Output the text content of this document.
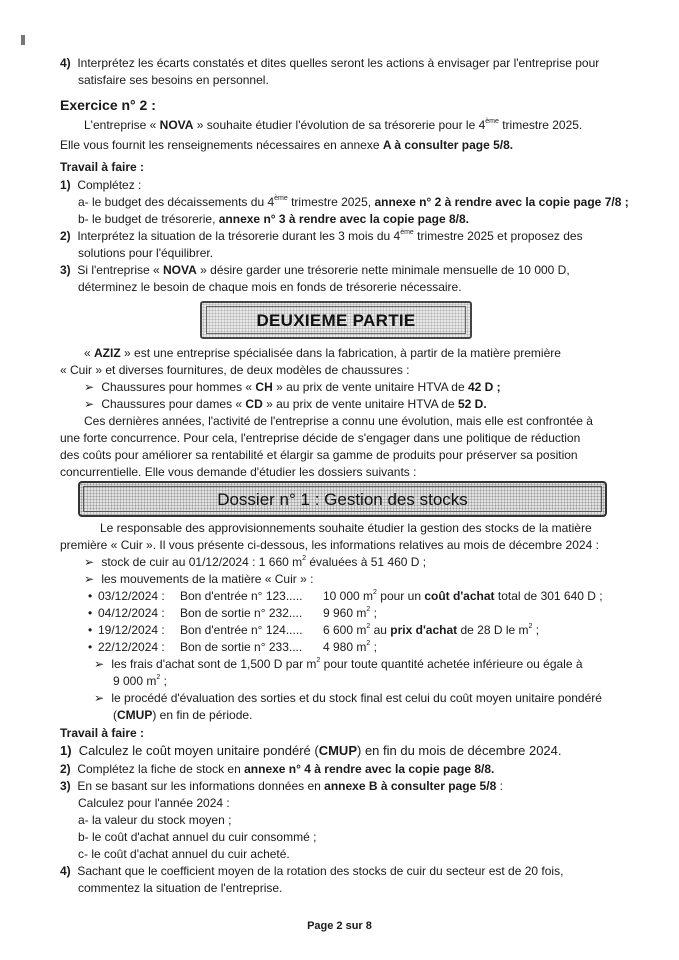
4) Interprétez les écarts constatés et dites quelles seront les actions à envisager par l'entreprise pour
satisfaire ses besoins en personnel.
Exercice n° 2 :
L'entreprise « NOVA » souhaite étudier l'évolution de sa trésorerie pour le 4ème trimestre 2025.
Elle vous fournit les renseignements nécessaires en annexe A à consulter page 5/8.
Travail à faire :
1) Complétez :
a- le budget des décaissements du 4ème trimestre 2025, annexe n° 2 à rendre avec la copie page 7/8 ;
b- le budget de trésorerie, annexe n° 3 à rendre avec la copie page 8/8.
2) Interprétez la situation de la trésorerie durant les 3 mois du 4ème trimestre 2025 et proposez des
solutions pour l'équilibrer.
3) Si l'entreprise « NOVA » désire garder une trésorerie nette minimale mensuelle de 10 000 D,
déterminez le besoin de chaque mois en fonds de trésorerie nécessaire.
DEUXIEME PARTIE
« AZIZ » est une entreprise spécialisée dans la fabrication, à partir de la matière première
« Cuir » et diverses fournitures, de deux modèles de chaussures :
➢ Chaussures pour hommes « CH » au prix de vente unitaire HTVA de 42 D ;
➢ Chaussures pour dames « CD » au prix de vente unitaire HTVA de 52 D.
Ces dernières années, l'activité de l'entreprise a connu une évolution, mais elle est confrontée à
une forte concurrence. Pour cela, l'entreprise décide de s'engager dans une politique de réduction
des coûts pour améliorer sa rentabilité et élargir sa gamme de produits pour préserver sa position
concurrentielle. Elle vous demande d'étudier les dossiers suivants :
Dossier n° 1 : Gestion des stocks
Le responsable des approvisionnements souhaite étudier la gestion des stocks de la matière
première « Cuir ». Il vous présente ci-dessous, les informations relatives au mois de décembre 2024 :
➢ stock de cuir au 01/12/2024 : 1 660 $m^2$ évaluées à 51 460 D ;
➢ les mouvements de la matière « Cuir » :
• 03/12/2024 : Bon d'entrée n° 123..... 10 000 $m^2$ pour un coût d'achat total de 301 640 D ;
• 04/12/2024 : Bon de sortie n° 232.... 9 960 $m^2$ ;
• 19/12/2024 : Bon d'entrée n° 124..... 6 600 $m^2$ au prix d'achat de 28 D le $m^2$ ;
• 22/12/2024 : Bon de sortie n° 233.... 4 980 $m^2$ ;
➢ les frais d'achat sont de 1,500 D par $m^2$ pour toute quantité achetée inférieure ou égale à
9 000 $m^2$ ;
➢ le procédé d'évaluation des sorties et du stock final est celui du coût moyen unitaire pondéré
(CMUP) en fin de période.
Travail à faire :
1) Calculez le coût moyen unitaire pondéré (CMUP) en fin du mois de décembre 2024.
2) Complétez la fiche de stock en annexe n° 4 à rendre avec la copie page 8/8.
3) En se basant sur les informations données en annexe B à consulter page 5/8 :
Calculez pour l'année 2024 :
a- la valeur du stock moyen ;
b- le coût d'achat annuel du cuir consommé ;
c- le coût d'achat annuel du cuir acheté.
4) Sachant que le coefficient moyen de la rotation des stocks de cuir du secteur est de 20 fois,
commentez la situation de l'entreprise.
Page 2 sur 8
